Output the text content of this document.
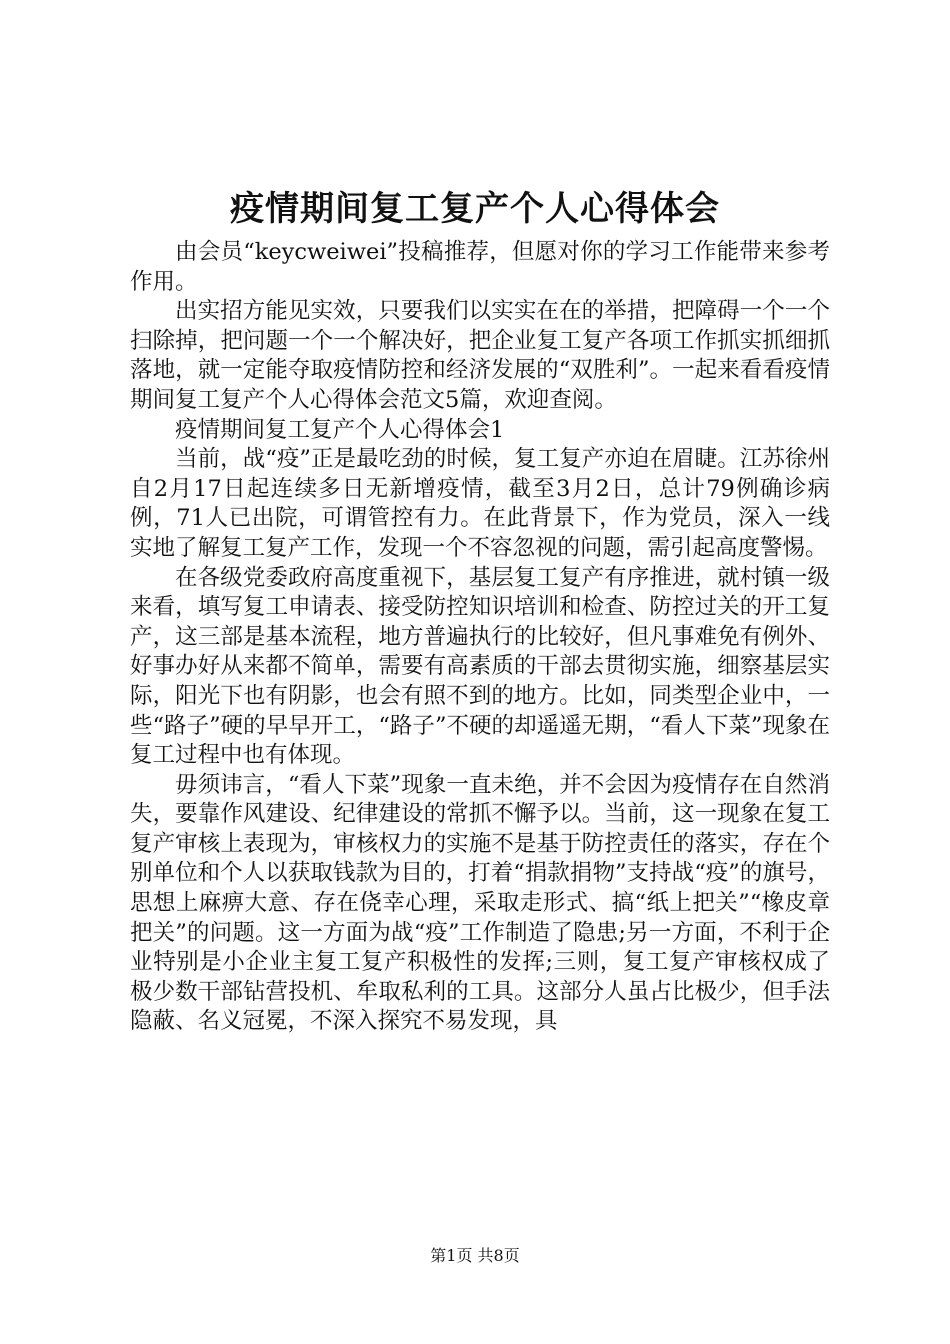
疫情期间复工复产个人心得体会

由会员“keycweiwei”投稿推荐，但愿对你的学习工作能带来参考作用。

出实招方能见实效，只要我们以实实在在的举措，把障碍一个一个扫除掉，把问题一个一个解决好，把企业复工复产各项工作抓实抓细抓落地，就一定能夺取疫情防控和经济发展的“双胜利”。一起来看看疫情期间复工复产个人心得体会范文5篇，欢迎查阅。

疫情期间复工复产个人心得体会1

当前，战“疫”正是最吃劲的时候，复工复产亦迫在眉睫。江苏徐州自2月17日起连续多日无新增疫情，截至3月2日，总计79例确诊病例，71人已出院，可谓管控有力。在此背景下，作为党员，深入一线实地了解复工复产工作，发现一个不容忽视的问题，需引起高度警惕。

在各级党委政府高度重视下，基层复工复产有序推进，就村镇一级来看，填写复工申请表、接受防控知识培训和检查、防控过关的开工复产，这三部是基本流程，地方普遍执行的比较好，但凡事难免有例外、好事办好从来都不简单，需要有高素质的干部去贯彻实施，细察基层实际，阳光下也有阴影，也会有照不到的地方。比如，同类型企业中，一些“路子”硬的早早开工，“路子”不硬的却遥遥无期，“看人下菜”现象在复工过程中也有体现。

毋须讳言，“看人下菜”现象一直未绝，并不会因为疫情存在自然消失，要靠作风建设、纪律建设的常抓不懈予以。当前，这一现象在复工复产审核上表现为，审核权力的实施不是基于防控责任的落实，存在个别单位和个人以获取钱款为目的，打着“捐款捐物”支持战“疫”的旗号，思想上麻痹大意、存在侥幸心理，采取走形式、搞“纸上把关”“橡皮章把关”的问题。这一方面为战“疫”工作制造了隐患;另一方面，不利于企业特别是小企业主复工复产积极性的发挥;三则，复工复产审核权成了极少数干部钻营投机、牟取私利的工具。这部分人虽占比极少，但手法隐蔽、名义冠冕，不深入探究不易发现，具

第1页 共8页
